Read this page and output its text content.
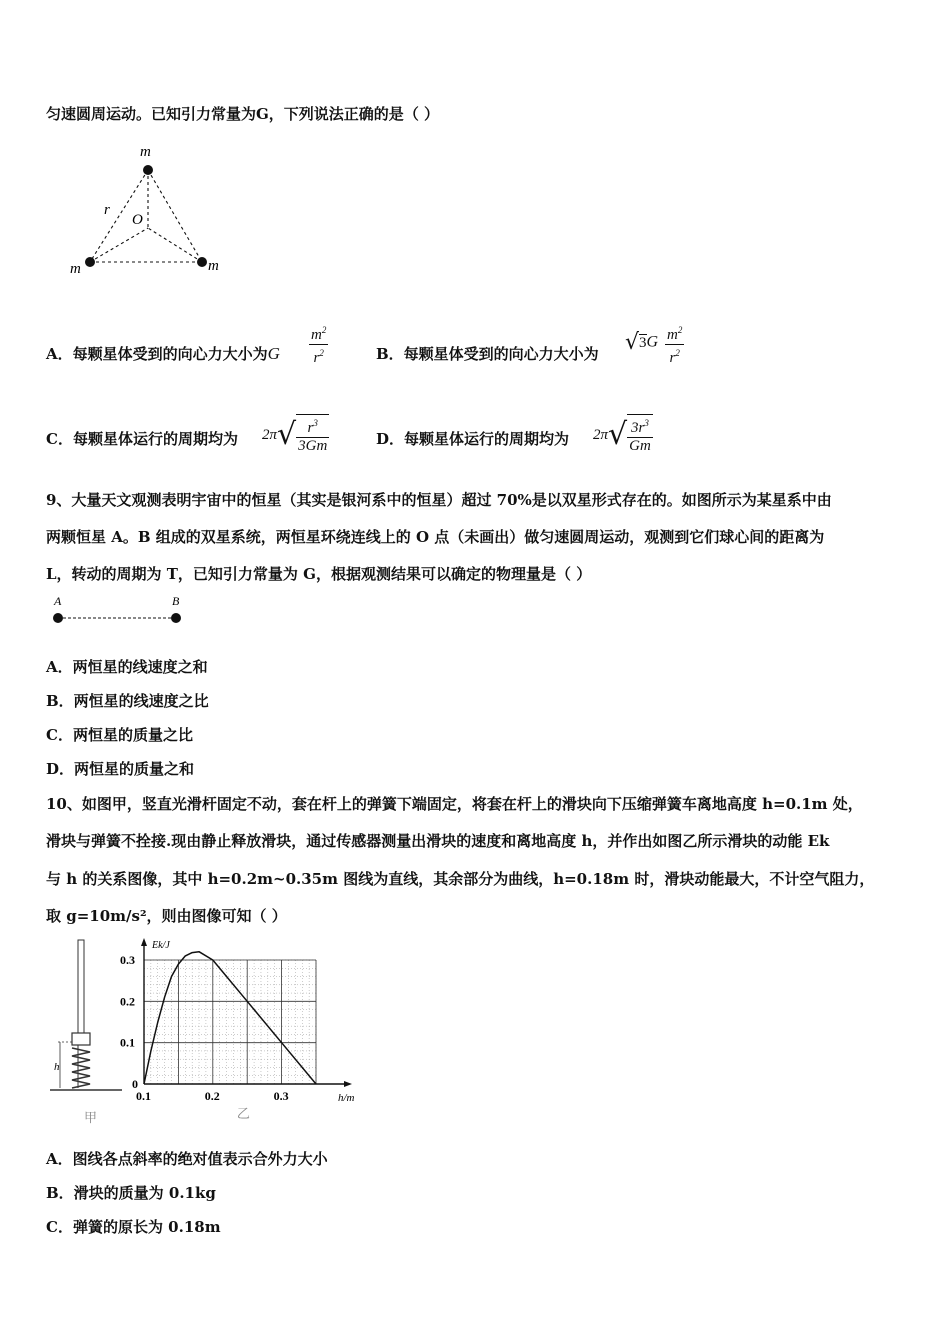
匀速圆周运动。已知引力常量为G，下列说法正确的是（ ）
m
m	m
r
O
A．每颗星体受到的向心力大小为G $\frac{m^2}{r^2}$	B．每颗星体受到的向心力大小为 $√3G \frac{m^2}{r^2}$
C．每颗星体运行的周期均为 $2\pi√ \frac{r^3}{3Gm}$	D．每颗星体运行的周期均为 $2\pi√ \frac{3r^3}{Gm}$
9、大量天文观测表明宇宙中的恒星（其实是银河系中的恒星）超过 70%是以双星形式存在的。如图所示为某星系中由
两颗恒星 A。B 组成的双星系统，两恒星环绕连线上的 O 点（未画出）做匀速圆周运动，观测到它们球心间的距离为
L，转动的周期为 T，已知引力常量为 G，根据观测结果可以确定的物理量是（ ）
A	B
A．两恒星的线速度之和
B．两恒星的线速度之比
C．两恒星的质量之比
D．两恒星的质量之和
10、如图甲，竖直光滑杆固定不动，套在杆上的弹簧下端固定，将套在杆上的滑块向下压缩弹簧车离地高度 h=0.1m 处，
滑块与弹簧不拴接.现由静止释放滑块，通过传感器测量出滑块的速度和离地高度 h，并作出如图乙所示滑块的动能 Ek
与 h 的关系图像，其中 h=0.2m~0.35m 图线为直线，其余部分为曲线，h=0.18m 时，滑块动能最大，不计空气阻力，
取 g=10m/s²，则由图像可知（ ）
h
甲
0.1	0.2	0.3
0.1
0.2
0.3
0
h/m
Ek/J
乙
A．图线各点斜率的绝对值表示合外力大小
B．滑块的质量为 0.1kg
C．弹簧的原长为 0.18m
